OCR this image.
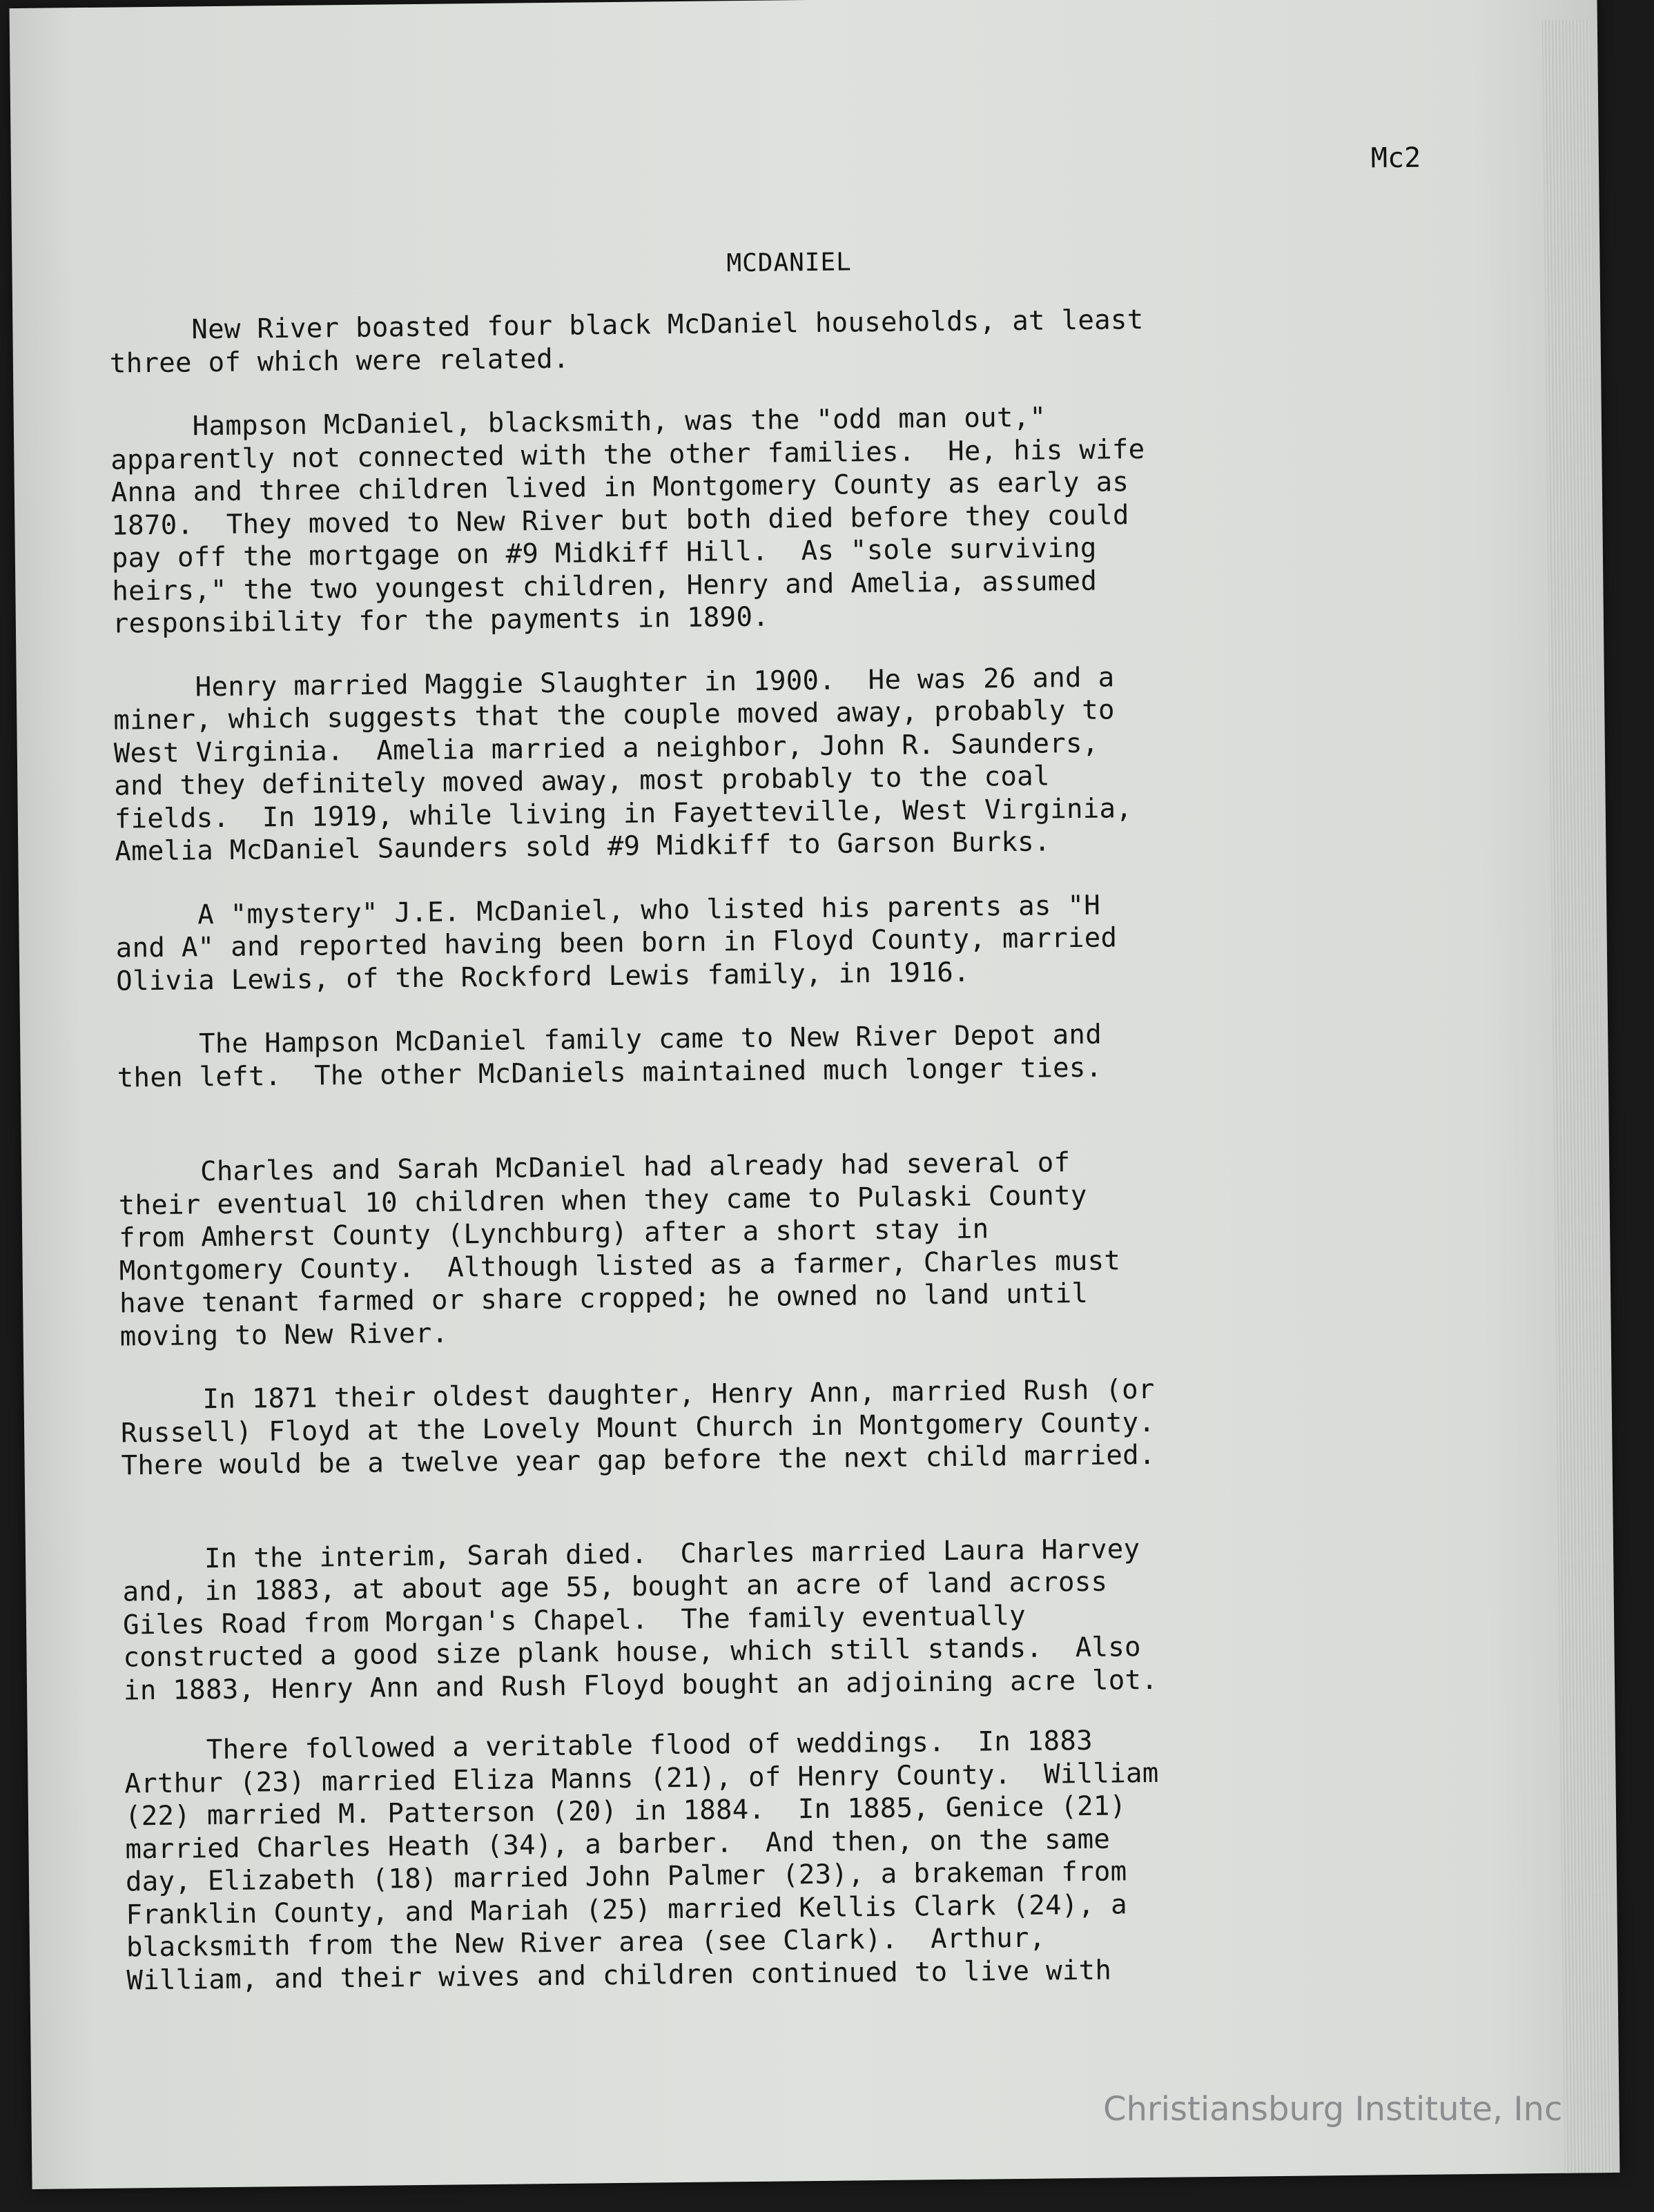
Mc2
MCDANIEL
New River boasted four black McDaniel households, at least
three of which were related.
Hampson McDaniel, blacksmith, was the "odd man out,"
apparently not connected with the other families.  He, his wife
Anna and three children lived in Montgomery County as early as
1870.  They moved to New River but both died before they could
pay off the mortgage on #9 Midkiff Hill.  As "sole surviving
heirs," the two youngest children, Henry and Amelia, assumed
responsibility for the payments in 1890.
Henry married Maggie Slaughter in 1900.  He was 26 and a
miner, which suggests that the couple moved away, probably to
West Virginia.  Amelia married a neighbor, John R. Saunders,
and they definitely moved away, most probably to the coal
fields.  In 1919, while living in Fayetteville, West Virginia,
Amelia McDaniel Saunders sold #9 Midkiff to Garson Burks.
A "mystery" J.E. McDaniel, who listed his parents as "H
and A" and reported having been born in Floyd County, married
Olivia Lewis, of the Rockford Lewis family, in 1916.
The Hampson McDaniel family came to New River Depot and
then left.  The other McDaniels maintained much longer ties.
Charles and Sarah McDaniel had already had several of
their eventual 10 children when they came to Pulaski County
from Amherst County (Lynchburg) after a short stay in
Montgomery County.  Although listed as a farmer, Charles must
have tenant farmed or share cropped; he owned no land until
moving to New River.
In 1871 their oldest daughter, Henry Ann, married Rush (or
Russell) Floyd at the Lovely Mount Church in Montgomery County.
There would be a twelve year gap before the next child married.
In the interim, Sarah died.  Charles married Laura Harvey
and, in 1883, at about age 55, bought an acre of land across
Giles Road from Morgan's Chapel.  The family eventually
constructed a good size plank house, which still stands.  Also
in 1883, Henry Ann and Rush Floyd bought an adjoining acre lot.
There followed a veritable flood of weddings.  In 1883
Arthur (23) married Eliza Manns (21), of Henry County.  William
(22) married M. Patterson (20) in 1884.  In 1885, Genice (21)
married Charles Heath (34), a barber.  And then, on the same
day, Elizabeth (18) married John Palmer (23), a brakeman from
Franklin County, and Mariah (25) married Kellis Clark (24), a
blacksmith from the New River area (see Clark).  Arthur,
William, and their wives and children continued to live with
Christiansburg Institute, Inc
